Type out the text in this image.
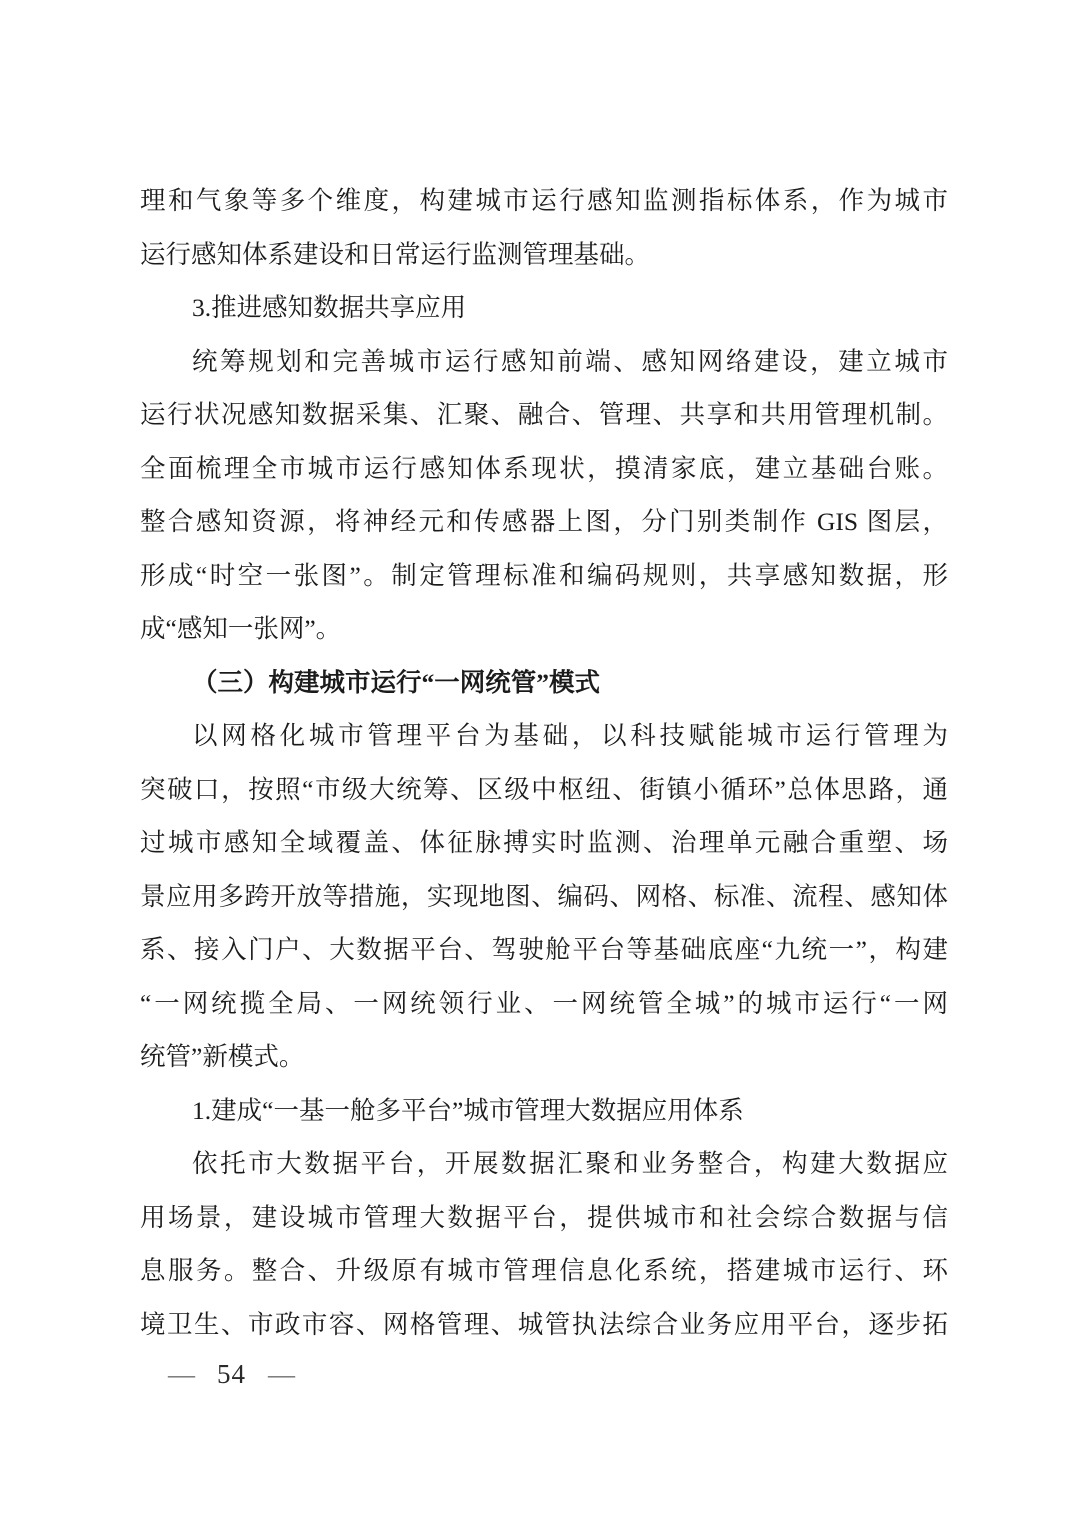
理和气象等多个维度，构建城市运行感知监测指标体系，作为城市
运行感知体系建设和日常运行监测管理基础。
3.推进感知数据共享应用
统筹规划和完善城市运行感知前端、感知网络建设，建立城市
运行状况感知数据采集、汇聚、融合、管理、共享和共用管理机制。
全面梳理全市城市运行感知体系现状，摸清家底，建立基础台账。
整合感知资源，将神经元和传感器上图，分门别类制作 GIS 图层，
形成“时空一张图”。制定管理标准和编码规则，共享感知数据，形
成“感知一张网”。
（三）构建城市运行“一网统管”模式
以网格化城市管理平台为基础，以科技赋能城市运行管理为
突破口，按照“市级大统筹、区级中枢纽、街镇小循环”总体思路，通
过城市感知全域覆盖、体征脉搏实时监测、治理单元融合重塑、场
景应用多跨开放等措施，实现地图、编码、网格、标准、流程、感知体
系、接入门户、大数据平台、驾驶舱平台等基础底座“九统一”，构建
“一网统揽全局、一网统领行业、一网统管全城”的城市运行“一网
统管”新模式。
1.建成“一基一舱多平台”城市管理大数据应用体系
依托市大数据平台，开展数据汇聚和业务整合，构建大数据应
用场景，建设城市管理大数据平台，提供城市和社会综合数据与信
息服务。整合、升级原有城市管理信息化系统，搭建城市运行、环
境卫生、市政市容、网格管理、城管执法综合业务应用平台，逐步拓
— 54 —
